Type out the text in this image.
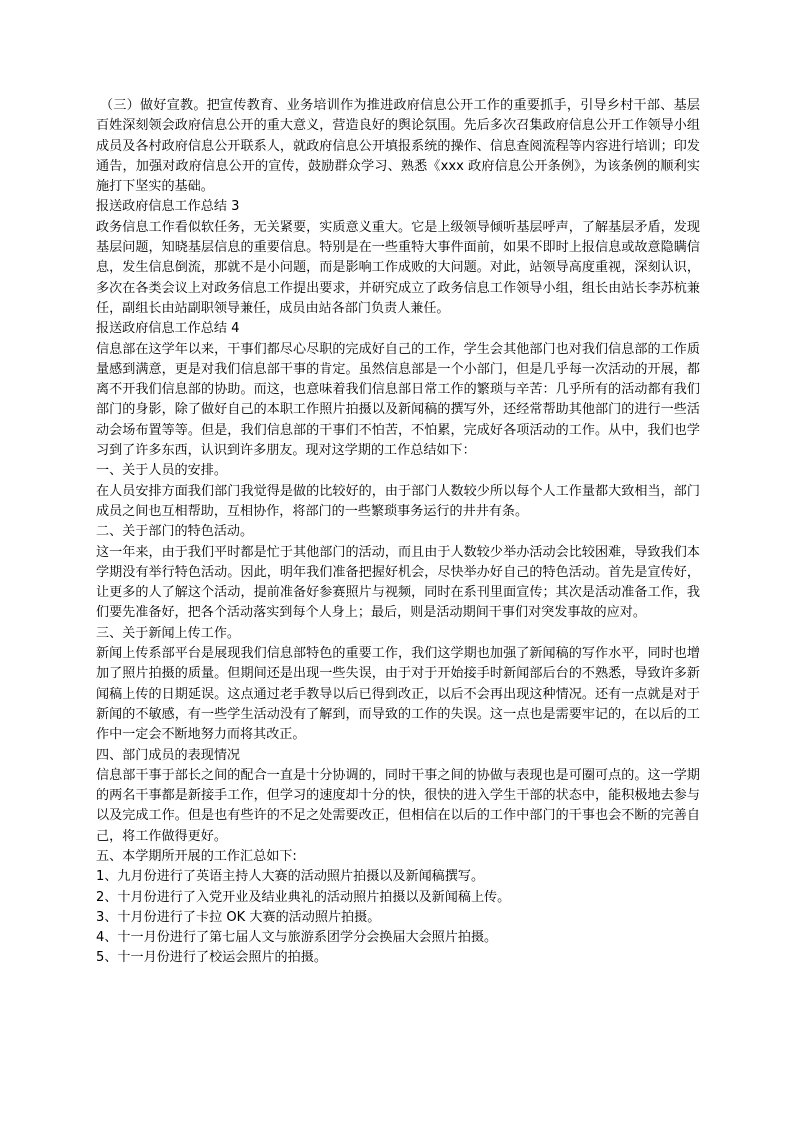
（三）做好宣教。把宣传教育、业务培训作为推进政府信息公开工作的重要抓手，引导乡村干部、基层百姓深刻领会政府信息公开的重大意义，营造良好的舆论氛围。先后多次召集政府信息公开工作领导小组成员及各村政府信息公开联系人，就政府信息公开填报系统的操作、信息查阅流程等内容进行培训；印发通告，加强对政府信息公开的宣传，鼓励群众学习、熟悉《xxx 政府信息公开条例》，为该条例的顺利实施打下坚实的基础。

报送政府信息工作总结 3

政务信息工作看似软任务，无关紧要，实质意义重大。它是上级领导倾听基层呼声，了解基层矛盾，发现基层问题，知晓基层信息的重要信息。特别是在一些重特大事件面前，如果不即时上报信息或故意隐瞒信息，发生信息倒流，那就不是小问题，而是影响工作成败的大问题。对此，站领导高度重视，深刻认识，多次在各类会议上对政务信息工作提出要求，并研究成立了政务信息工作领导小组，组长由站长李苏杭兼任，副组长由站副职领导兼任，成员由站各部门负责人兼任。

报送政府信息工作总结 4

信息部在这学年以来，干事们都尽心尽职的完成好自己的工作，学生会其他部门也对我们信息部的工作质量感到满意，更是对我们信息部干事的肯定。虽然信息部是一个小部门，但是几乎每一次活动的开展，都离不开我们信息部的协助。而这，也意味着我们信息部日常工作的繁琐与辛苦：几乎所有的活动都有我们部门的身影，除了做好自己的本职工作照片拍摄以及新闻稿的撰写外，还经常帮助其他部门的进行一些活动会场布置等等。但是，我们信息部的干事们不怕苦，不怕累，完成好各项活动的工作。从中，我们也学习到了许多东西，认识到许多朋友。现对这学期的工作总结如下：

一、关于人员的安排。

在人员安排方面我们部门我觉得是做的比较好的，由于部门人数较少所以每个人工作量都大致相当，部门成员之间也互相帮助，互相协作，将部门的一些繁琐事务运行的井井有条。

二、关于部门的特色活动。

这一年来，由于我们平时都是忙于其他部门的活动，而且由于人数较少举办活动会比较困难，导致我们本学期没有举行特色活动。因此，明年我们准备把握好机会，尽快举办好自己的特色活动。首先是宣传好，让更多的人了解这个活动，提前准备好参赛照片与视频，同时在系刊里面宣传；其次是活动准备工作，我们要先准备好，把各个活动落实到每个人身上；最后，则是活动期间干事们对突发事故的应对。

三、关于新闻上传工作。

新闻上传系部平台是展现我们信息部特色的重要工作，我们这学期也加强了新闻稿的写作水平，同时也增加了照片拍摄的质量。但期间还是出现一些失误，由于对于开始接手时新闻部后台的不熟悉，导致许多新闻稿上传的日期延误。这点通过老手教导以后已得到改正，以后不会再出现这种情况。还有一点就是对于新闻的不敏感，有一些学生活动没有了解到，而导致的工作的失误。这一点也是需要牢记的，在以后的工作中一定会不断地努力而将其改正。

四、部门成员的表现情况

信息部干事于部长之间的配合一直是十分协调的，同时干事之间的协做与表现也是可圈可点的。这一学期的两名干事都是新接手工作，但学习的速度却十分的快，很快的进入学生干部的状态中，能积极地去参与以及完成工作。但是也有些许的不足之处需要改正，但相信在以后的工作中部门的干事也会不断的完善自己，将工作做得更好。

五、本学期所开展的工作汇总如下:

1、九月份进行了英语主持人大赛的活动照片拍摄以及新闻稿撰写。

2、十月份进行了入党开业及结业典礼的活动照片拍摄以及新闻稿上传。

3、十月份进行了卡拉 OK 大赛的活动照片拍摄。

4、十一月份进行了第七届人文与旅游系团学分会换届大会照片拍摄。

5、十一月份进行了校运会照片的拍摄。
